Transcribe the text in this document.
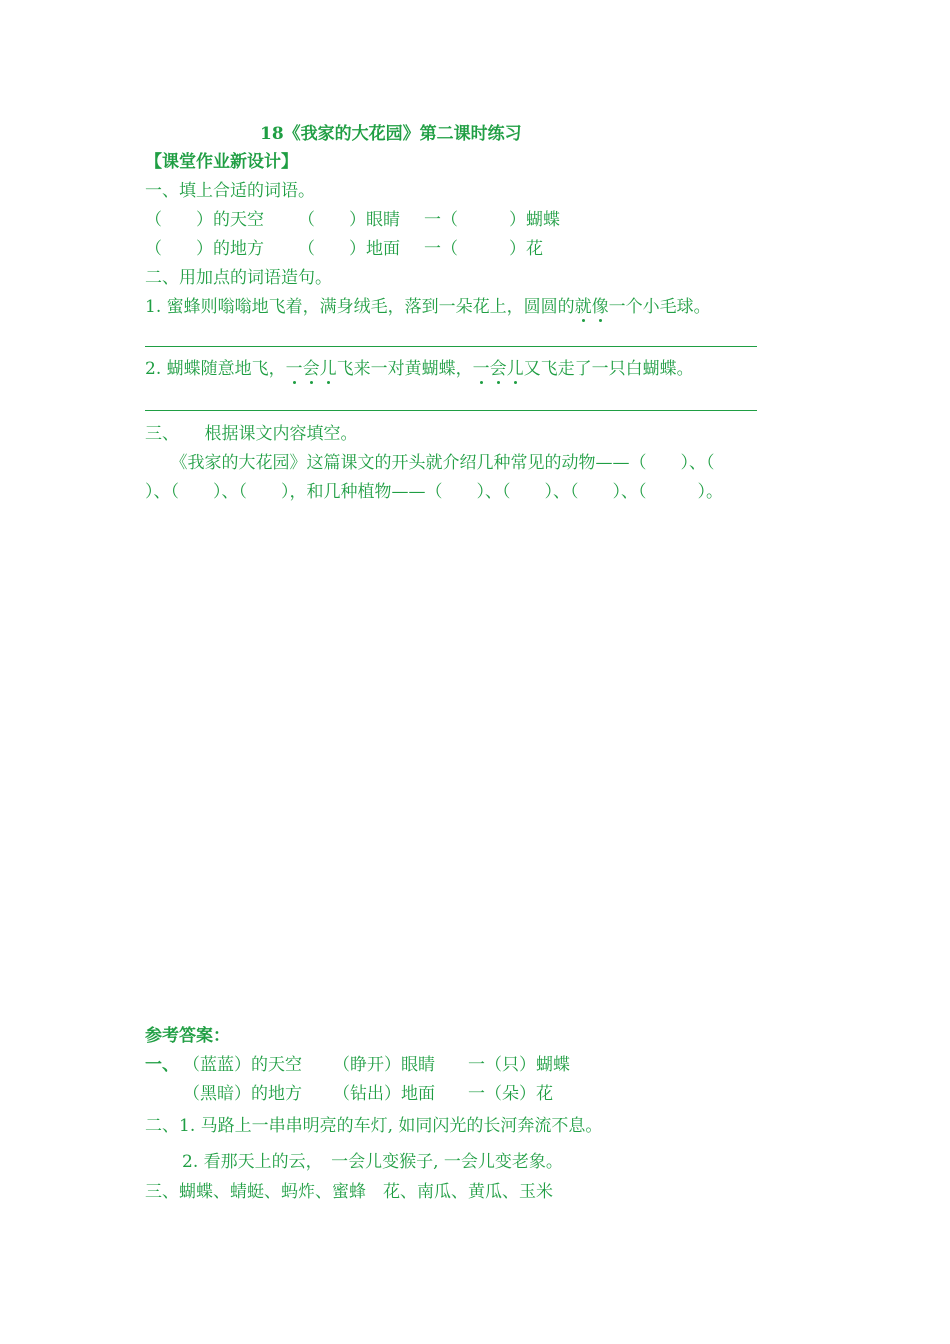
18《我家的大花园》第二课时练习
【课堂作业新设计】
一、填上合适的词语。
（　　）的天空 （　　）眼睛 一（　　　）蝴蝶
（　　）的地方 （　　）地面 一（　　　）花
二、用加点的词语造句。
1. 蜜蜂则嗡嗡地飞着，满身绒毛，落到一朵花上，圆圆的就像一个小毛球。
2. 蝴蝶随意地飞，一会儿飞来一对黄蝴蝶，一会儿又飞走了一只白蝴蝶。
三、　　根据课文内容填空。
　　《我家的大花园》这篇课文的开头就介绍几种常见的动物——（　　）、（
）、（　　）、（　　），和几种植物——（　　）、（　　）、（　　）、（　　　）。
参考答案：
一、 （蓝蓝）的天空 （睁开）眼睛 一（只）蝴蝶
（黑暗）的地方 （钻出）地面 一（朵）花
二、1. 马路上一串串明亮的车灯, 如同闪光的长河奔流不息。
2. 看那天上的云，　一会儿变猴子, 一会儿变老象。
三、蝴蝶、蜻蜓、蚂炸、蜜蜂　花、南瓜、黄瓜、玉米
